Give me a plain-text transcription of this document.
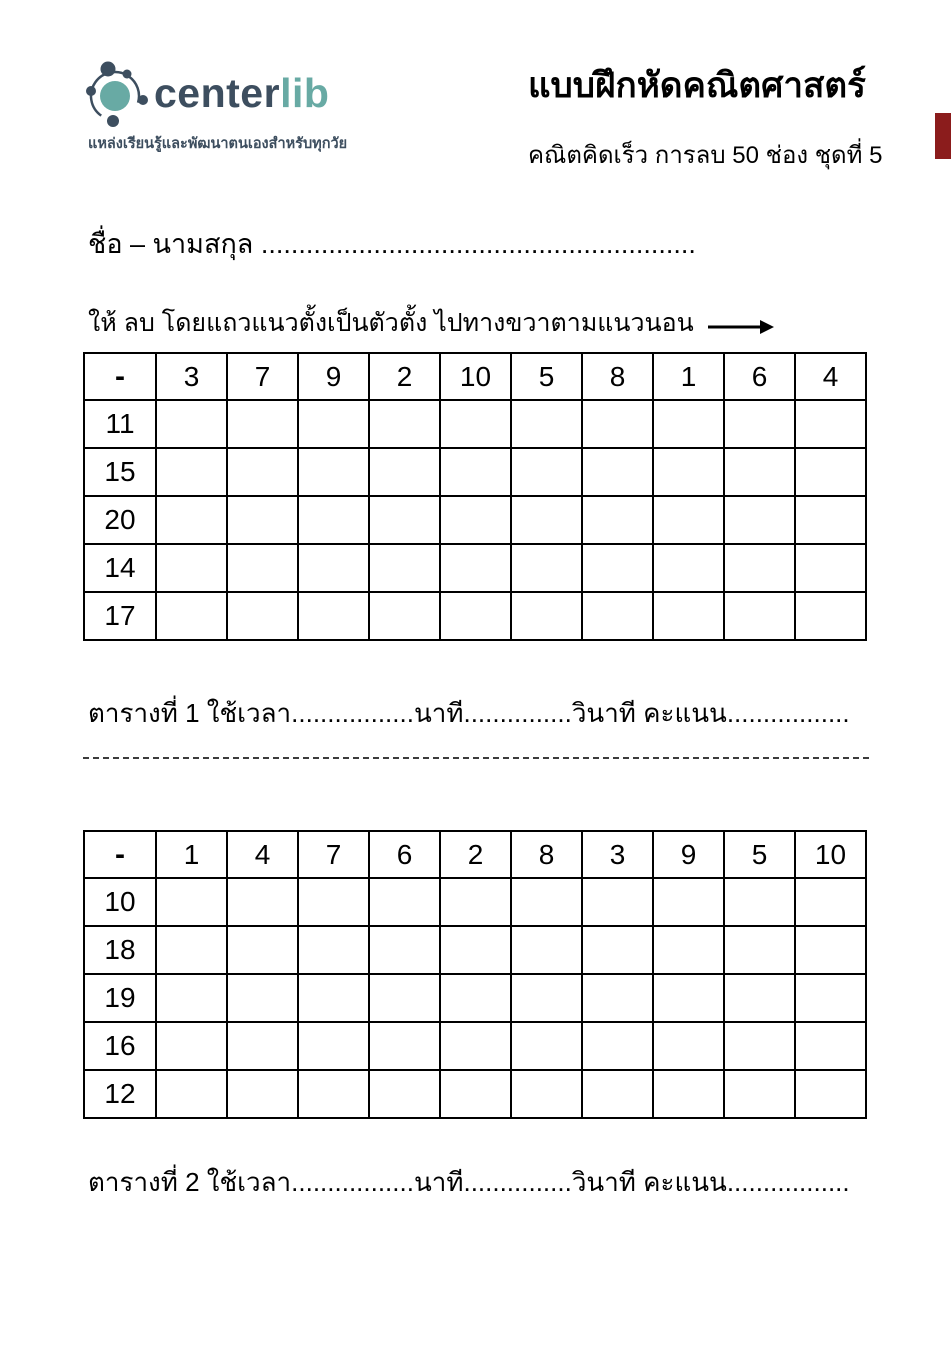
centerlib
แหล่งเรียนรู้และพัฒนาตนเองสำหรับทุกวัย
แบบฝึกหัดคณิตศาสตร์
คณิตคิดเร็ว การลบ 50 ช่อง ชุดที่ 5
ชื่อ – นามสกุล ..........................................................
ให้ ลบ โดยแถวแนวตั้งเป็นตัวตั้ง ไปทางขวาตามแนวนอน
-	3	7	9	2	10	5	8	1	6	4
11										
15										
20										
14										
17										
ตารางที่ 1 ใช้เวลา.................นาที...............วินาที คะแนน.................
-	1	4	7	6	2	8	3	9	5	10
10										
18										
19										
16										
12										
ตารางที่ 2 ใช้เวลา.................นาที...............วินาที คะแนน.................
